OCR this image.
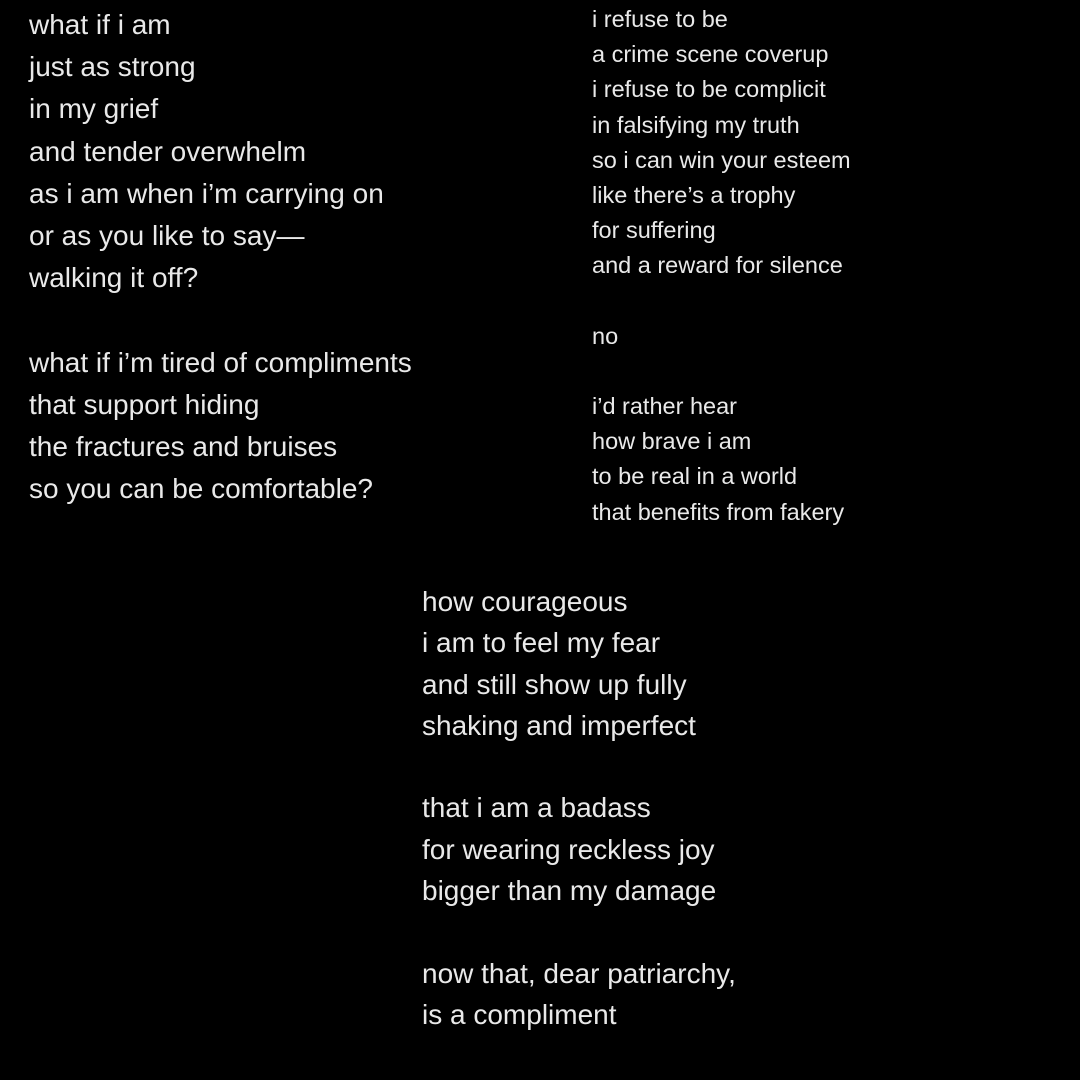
what if i am
just as strong
in my grief
and tender overwhelm
as i am when i’m carrying on
or as you like to say—
walking it off?
what if i’m tired of compliments
that support hiding
the fractures and bruises
so you can be comfortable?
i refuse to be
a crime scene coverup
i refuse to be complicit
in falsifying my truth
so i can win your esteem
like there’s a trophy
for suffering
and a reward for silence
no
i’d rather hear
how brave i am
to be real in a world
that benefits from fakery
how courageous
i am to feel my fear
and still show up fully
shaking and imperfect
that i am a badass
for wearing reckless joy
bigger than my damage
now that, dear patriarchy,
is a compliment
